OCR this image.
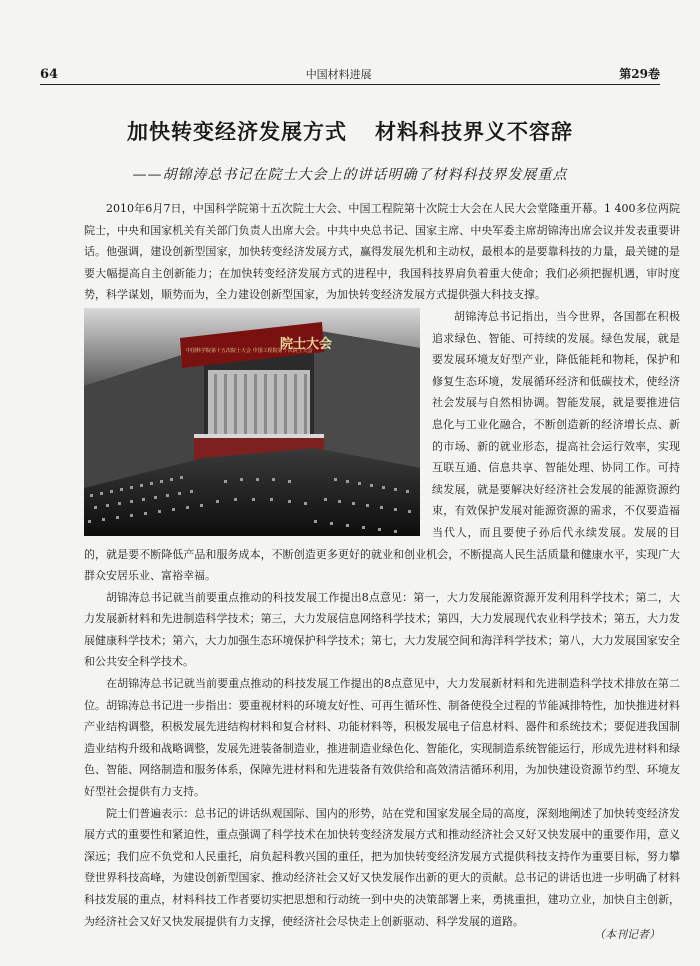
64	中国材料进展	第29卷
加快转变经济发展方式 材料科技界义不容辞
——胡锦涛总书记在院士大会上的讲话明确了材料科技界发展重点

2010年6月7日，中国科学院第十五次院士大会、中国工程院第十次院士大会在人民大会堂隆重开幕。1 400多位两院院士，中央和国家机关有关部门负责人出席大会。中共中央总书记、国家主席、中央军委主席胡锦涛出席会议并发表重要讲话。他强调，建设创新型国家，加快转变经济发展方式，赢得发展先机和主动权，最根本的是要靠科技的力量，最关键的是要大幅提高自主创新能力；在加快转变经济发展方式的进程中，我国科技界肩负着重大使命；我们必须把握机遇，审时度势，科学谋划，顺势而为，全力建设创新型国家，为加快转变经济发展方式提供强大科技支撑。

院士大会
中国科学院第十五次院士大会 中国工程院第十次院士大会

胡锦涛总书记指出，当今世界，各国都在积极追求绿色、智能、可持续的发展。绿色发展，就是要发展环境友好型产业，降低能耗和物耗，保护和修复生态环境，发展循环经济和低碳技术，使经济社会发展与自然相协调。智能发展，就是要推进信息化与工业化融合，不断创造新的经济增长点、新的市场、新的就业形态，提高社会运行效率，实现互联互通、信息共享、智能处理、协同工作。可持续发展，就是要解决好经济社会发展的能源资源约束，有效保护发展对能源资源的需求，不仅要造福当代人，而且要使子孙后代永续发展。发展的目的，就是要不断降低产品和服务成本，不断创造更多更好的就业和创业机会，不断提高人民生活质量和健康水平，实现广大群众安居乐业、富裕幸福。

胡锦涛总书记就当前要重点推动的科技发展工作提出8点意见：第一，大力发展能源资源开发利用科学技术；第二，大力发展新材料和先进制造科学技术；第三，大力发展信息网络科学技术；第四，大力发展现代农业科学技术；第五，大力发展健康科学技术；第六，大力加强生态环境保护科学技术；第七，大力发展空间和海洋科学技术；第八，大力发展国家安全和公共安全科学技术。

在胡锦涛总书记就当前要重点推动的科技发展工作提出的8点意见中，大力发展新材料和先进制造科学技术排放在第二位。胡锦涛总书记进一步指出：要重视材料的环境友好性、可再生循环性、制备使役全过程的节能减排特性，加快推进材料产业结构调整，积极发展先进结构材料和复合材料、功能材料等，积极发展电子信息材料、器件和系统技术；要促进我国制造业结构升级和战略调整，发展先进装备制造业，推进制造业绿色化、智能化，实现制造系统智能运行，形成先进材料和绿色、智能、网络制造和服务体系，保障先进材料和先进装备有效供给和高效清洁循环利用，为加快建设资源节约型、环境友好型社会提供有力支持。

院士们普遍表示：总书记的讲话纵观国际、国内的形势，站在党和国家发展全局的高度，深刻地阐述了加快转变经济发展方式的重要性和紧迫性，重点强调了科学技术在加快转变经济发展方式和推动经济社会又好又快发展中的重要作用，意义深远；我们应不负党和人民重托，肩负起科教兴国的重任，把为加快转变经济发展方式提供科技支持作为重要目标，努力攀登世界科技高峰，为建设创新型国家、推动经济社会又好又快发展作出新的更大的贡献。总书记的讲话也进一步明确了材料科技发展的重点，材料科技工作者要切实把思想和行动统一到中央的决策部署上来，勇挑重担，建功立业，加快自主创新，为经济社会又好又快发展提供有力支撑，使经济社会尽快走上创新驱动、科学发展的道路。

（本刊记者）
